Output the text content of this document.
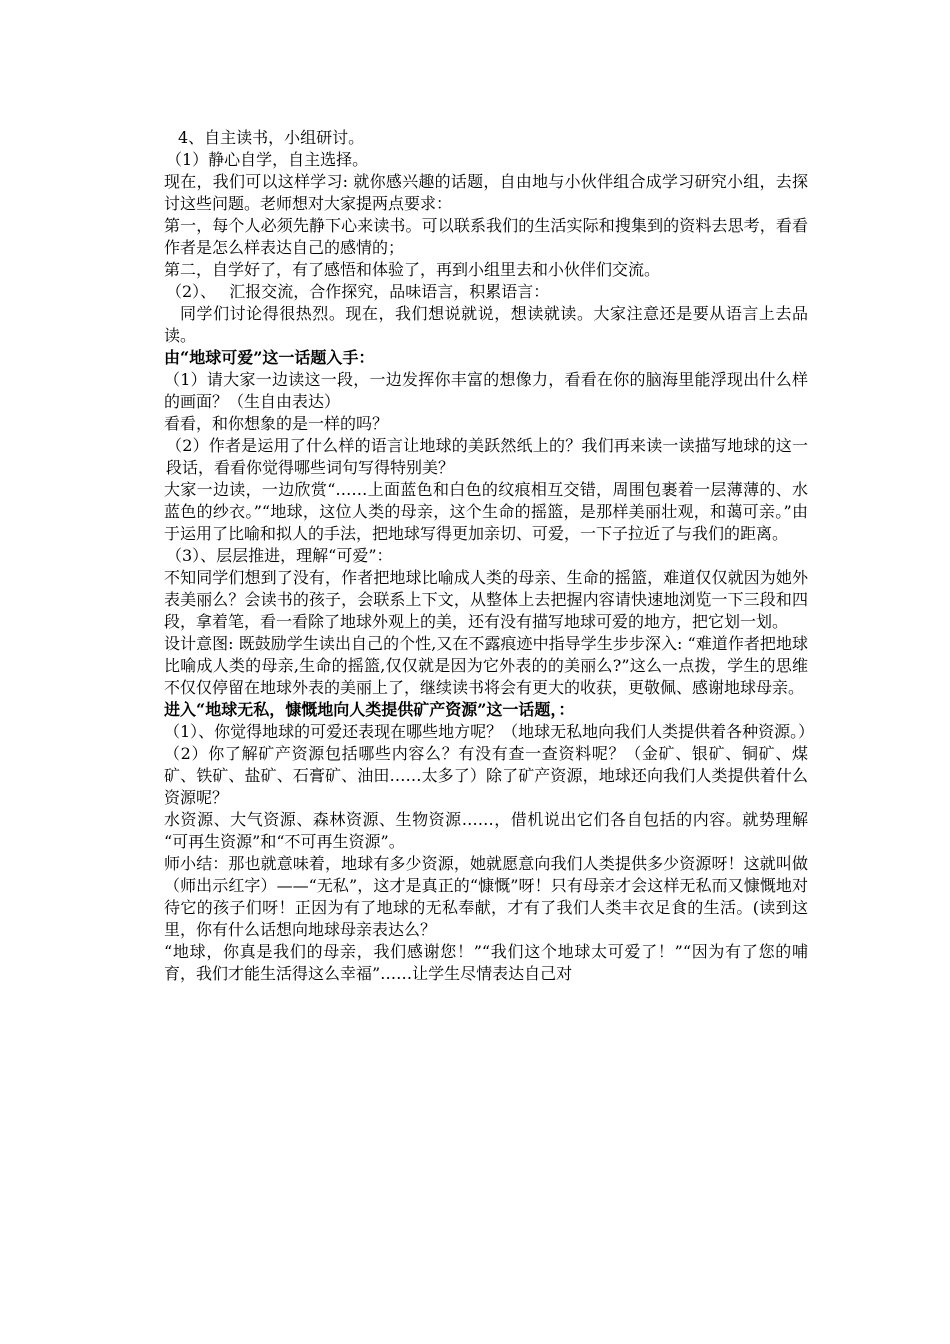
4、自主读书，小组研讨。

（1）静心自学，自主选择。

现在，我们可以这样学习: 就你感兴趣的话题，自由地与小伙伴组合成学习研究小组，去探讨这些问题。老师想对大家提两点要求：

第一，每个人必须先静下心来读书。可以联系我们的生活实际和搜集到的资料去思考，看看作者是怎么样表达自己的感情的；

第二，自学好了，有了感悟和体验了，再到小组里去和小伙伴们交流。

（2）、　 汇报交流，合作探究，品味语言，积累语言：

同学们讨论得很热烈。现在，我们想说就说，想读就读。大家注意还是要从语言上去品读。

由“地球可爱”这一话题入手：

（1）请大家一边读这一段，一边发挥你丰富的想像力，看看在你的脑海里能浮现出什么样的画面？（生自由表达）

看看，和你想象的是一样的吗？

（2）作者是运用了什么样的语言让地球的美跃然纸上的？我们再来读一读描写地球的这一段话，看看你觉得哪些词句写得特别美？

大家一边读，一边欣赏“……上面蓝色和白色的纹痕相互交错，周围包裹着一层薄薄的、水蓝色的纱衣。”“地球，这位人类的母亲，这个生命的摇篮，是那样美丽壮观，和蔼可亲。”由于运用了比喻和拟人的手法，把地球写得更加亲切、可爱，一下子拉近了与我们的距离。

（3）、层层推进，理解“可爱”：

不知同学们想到了没有，作者把地球比喻成人类的母亲、生命的摇篮，难道仅仅就因为她外表美丽么？会读书的孩子，会联系上下文，从整体上去把握内容请快速地浏览一下三段和四段，拿着笔，看一看除了地球外观上的美，还有没有描写地球可爱的地方，把它划一划。

设计意图: 既鼓励学生读出自己的个性,又在不露痕迹中指导学生步步深入: “难道作者把地球比喻成人类的母亲,生命的摇篮,仅仅就是因为它外表的的美丽么?”这么一点拨，学生的思维不仅仅停留在地球外表的美丽上了，继续读书将会有更大的收获，更敬佩、感谢地球母亲。

进入“地球无私，慷慨地向人类提供矿产资源”这一话题，：

（1）、你觉得地球的可爱还表现在哪些地方呢？（地球无私地向我们人类提供着各种资源。）

（2）你了解矿产资源包括哪些内容么？有没有查一查资料呢？（金矿、银矿、铜矿、煤矿、铁矿、盐矿、石膏矿、油田……太多了）除了矿产资源，地球还向我们人类提供着什么资源呢？

水资源、大气资源、森林资源、生物资源……，借机说出它们各自包括的内容。就势理解 “可再生资源”和“不可再生资源”。

师小结：那也就意味着，地球有多少资源，她就愿意向我们人类提供多少资源呀！这就叫做（师出示红字）——“无私”，这才是真正的“慷慨”呀！只有母亲才会这样无私而又慷慨地对待它的孩子们呀！正因为有了地球的无私奉献，才有了我们人类丰衣足食的生活。(读到这里，你有什么话想向地球母亲表达么？

“地球，你真是我们的母亲，我们感谢您！”“我们这个地球太可爱了！”“因为有了您的哺育，我们才能生活得这么幸福”……让学生尽情表达自己对
